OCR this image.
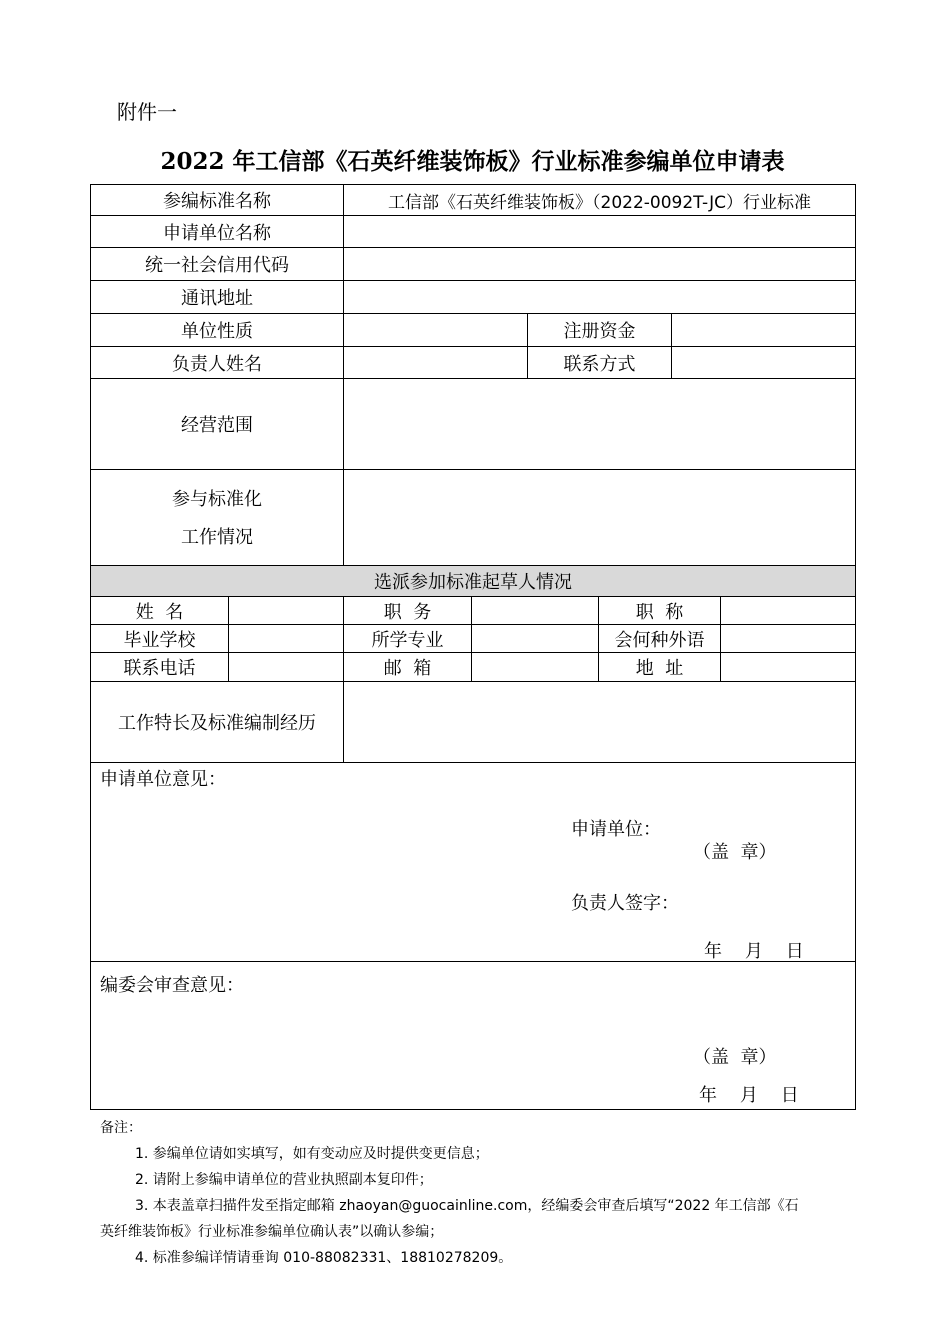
附件一
2022 年工信部《石英纤维装饰板》行业标准参编单位申请表
参编标准名称	工信部《石英纤维装饰板》（2022-0092T-JC）行业标准
申请单位名称
统一社会信用代码
通讯地址
单位性质	注册资金
负责人姓名	联系方式
经营范围
参与标准化
工作情况
选派参加标准起草人情况
姓  名	职  务	职  称
毕业学校	所学专业	会何种外语
联系电话	邮  箱	地  址
工作特长及标准编制经历
申请单位意见：
申请单位：
（盖  章）
负责人签字：
年    月    日
编委会审查意见：
（盖  章）
年    月    日
备注：
1. 参编单位请如实填写，如有变动应及时提供变更信息；
2. 请附上参编申请单位的营业执照副本复印件；
3. 本表盖章扫描件发至指定邮箱 zhaoyan@guocainline.com，经编委会审查后填写“2022 年工信部《石
英纤维装饰板》行业标准参编单位确认表”以确认参编；
4. 标准参编详情请垂询 010-88082331、18810278209。
